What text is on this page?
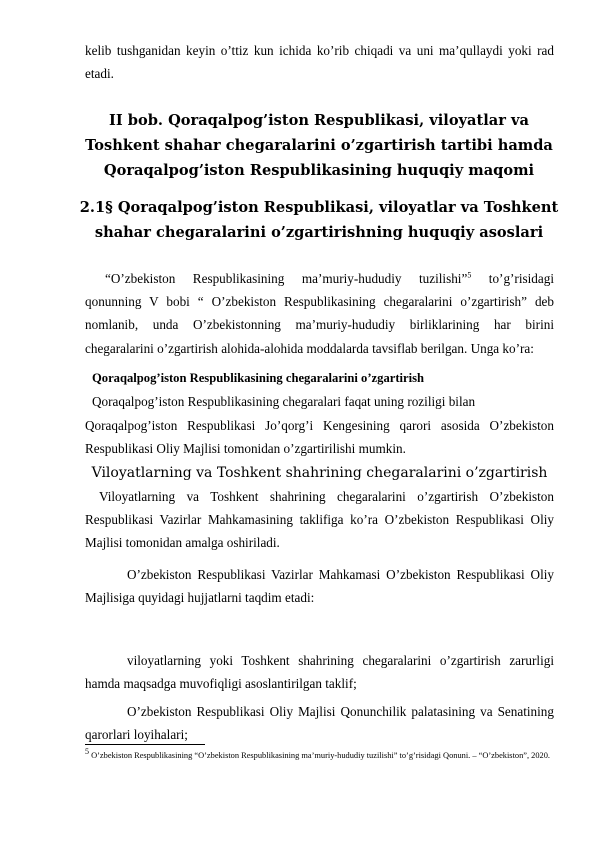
kelib tushganidan keyin o’ttiz kun ichida ko’rib chiqadi va uni ma’qullaydi yoki rad etadi.

II bob. Qoraqalpog’iston Respublikasi, viloyatlar va Toshkent shahar chegaralarini o’zgartirish tartibi hamda Qoraqalpog’iston Respublikasining huquqiy maqomi

2.1§ Qoraqalpog’iston Respublikasi, viloyatlar va Toshkent shahar chegaralarini o’zgartirishning huquqiy asoslari

“O’zbekiston Respublikasining ma’muriy-hududiy tuzilishi”$^5$ to’g’risidagi qonunning V bobi “ O’zbekiston Respublikasining chegaralarini o’zgartirish” deb nomlanib, unda O’zbekistonning ma’muriy-hududiy birliklarining har birini chegaralarini o’zgartirish alohida-alohida moddalarda tavsiflab berilgan. Unga ko’ra:

Qoraqalpog’iston Respublikasining chegaralarini o’zgartirish

Qoraqalpog’iston Respublikasining chegaralari faqat uning roziligi bilan

Qoraqalpog’iston Respublikasi Jo’qorg’i Kengesining qarori asosida O’zbekiston Respublikasi Oliy Majlisi tomonidan o’zgartirilishi mumkin.

Viloyatlarning va Toshkent shahrining chegaralarini o’zgartirish

Viloyatlarning va Toshkent shahrining chegaralarini o’zgartirish O’zbekiston Respublikasi Vazirlar Mahkamasining taklifiga ko’ra O’zbekiston Respublikasi Oliy Majlisi tomonidan amalga oshiriladi.

O’zbekiston Respublikasi Vazirlar Mahkamasi O’zbekiston Respublikasi Oliy Majlisiga quyidagi hujjatlarni taqdim etadi:

viloyatlarning yoki Toshkent shahrining chegaralarini o’zgartirish zarurligi hamda maqsadga muvofiqligi asoslantirilgan taklif;

O’zbekiston Respublikasi Oliy Majlisi Qonunchilik palatasining va Senatining qarorlari loyihalari;

$^5$ O’zbekiston Respublikasining “O’zbekiston Respublikasining ma’muriy-hududiy tuzilishi” to’g’risidagi Qonuni. – “O’zbekiston”, 2020.
